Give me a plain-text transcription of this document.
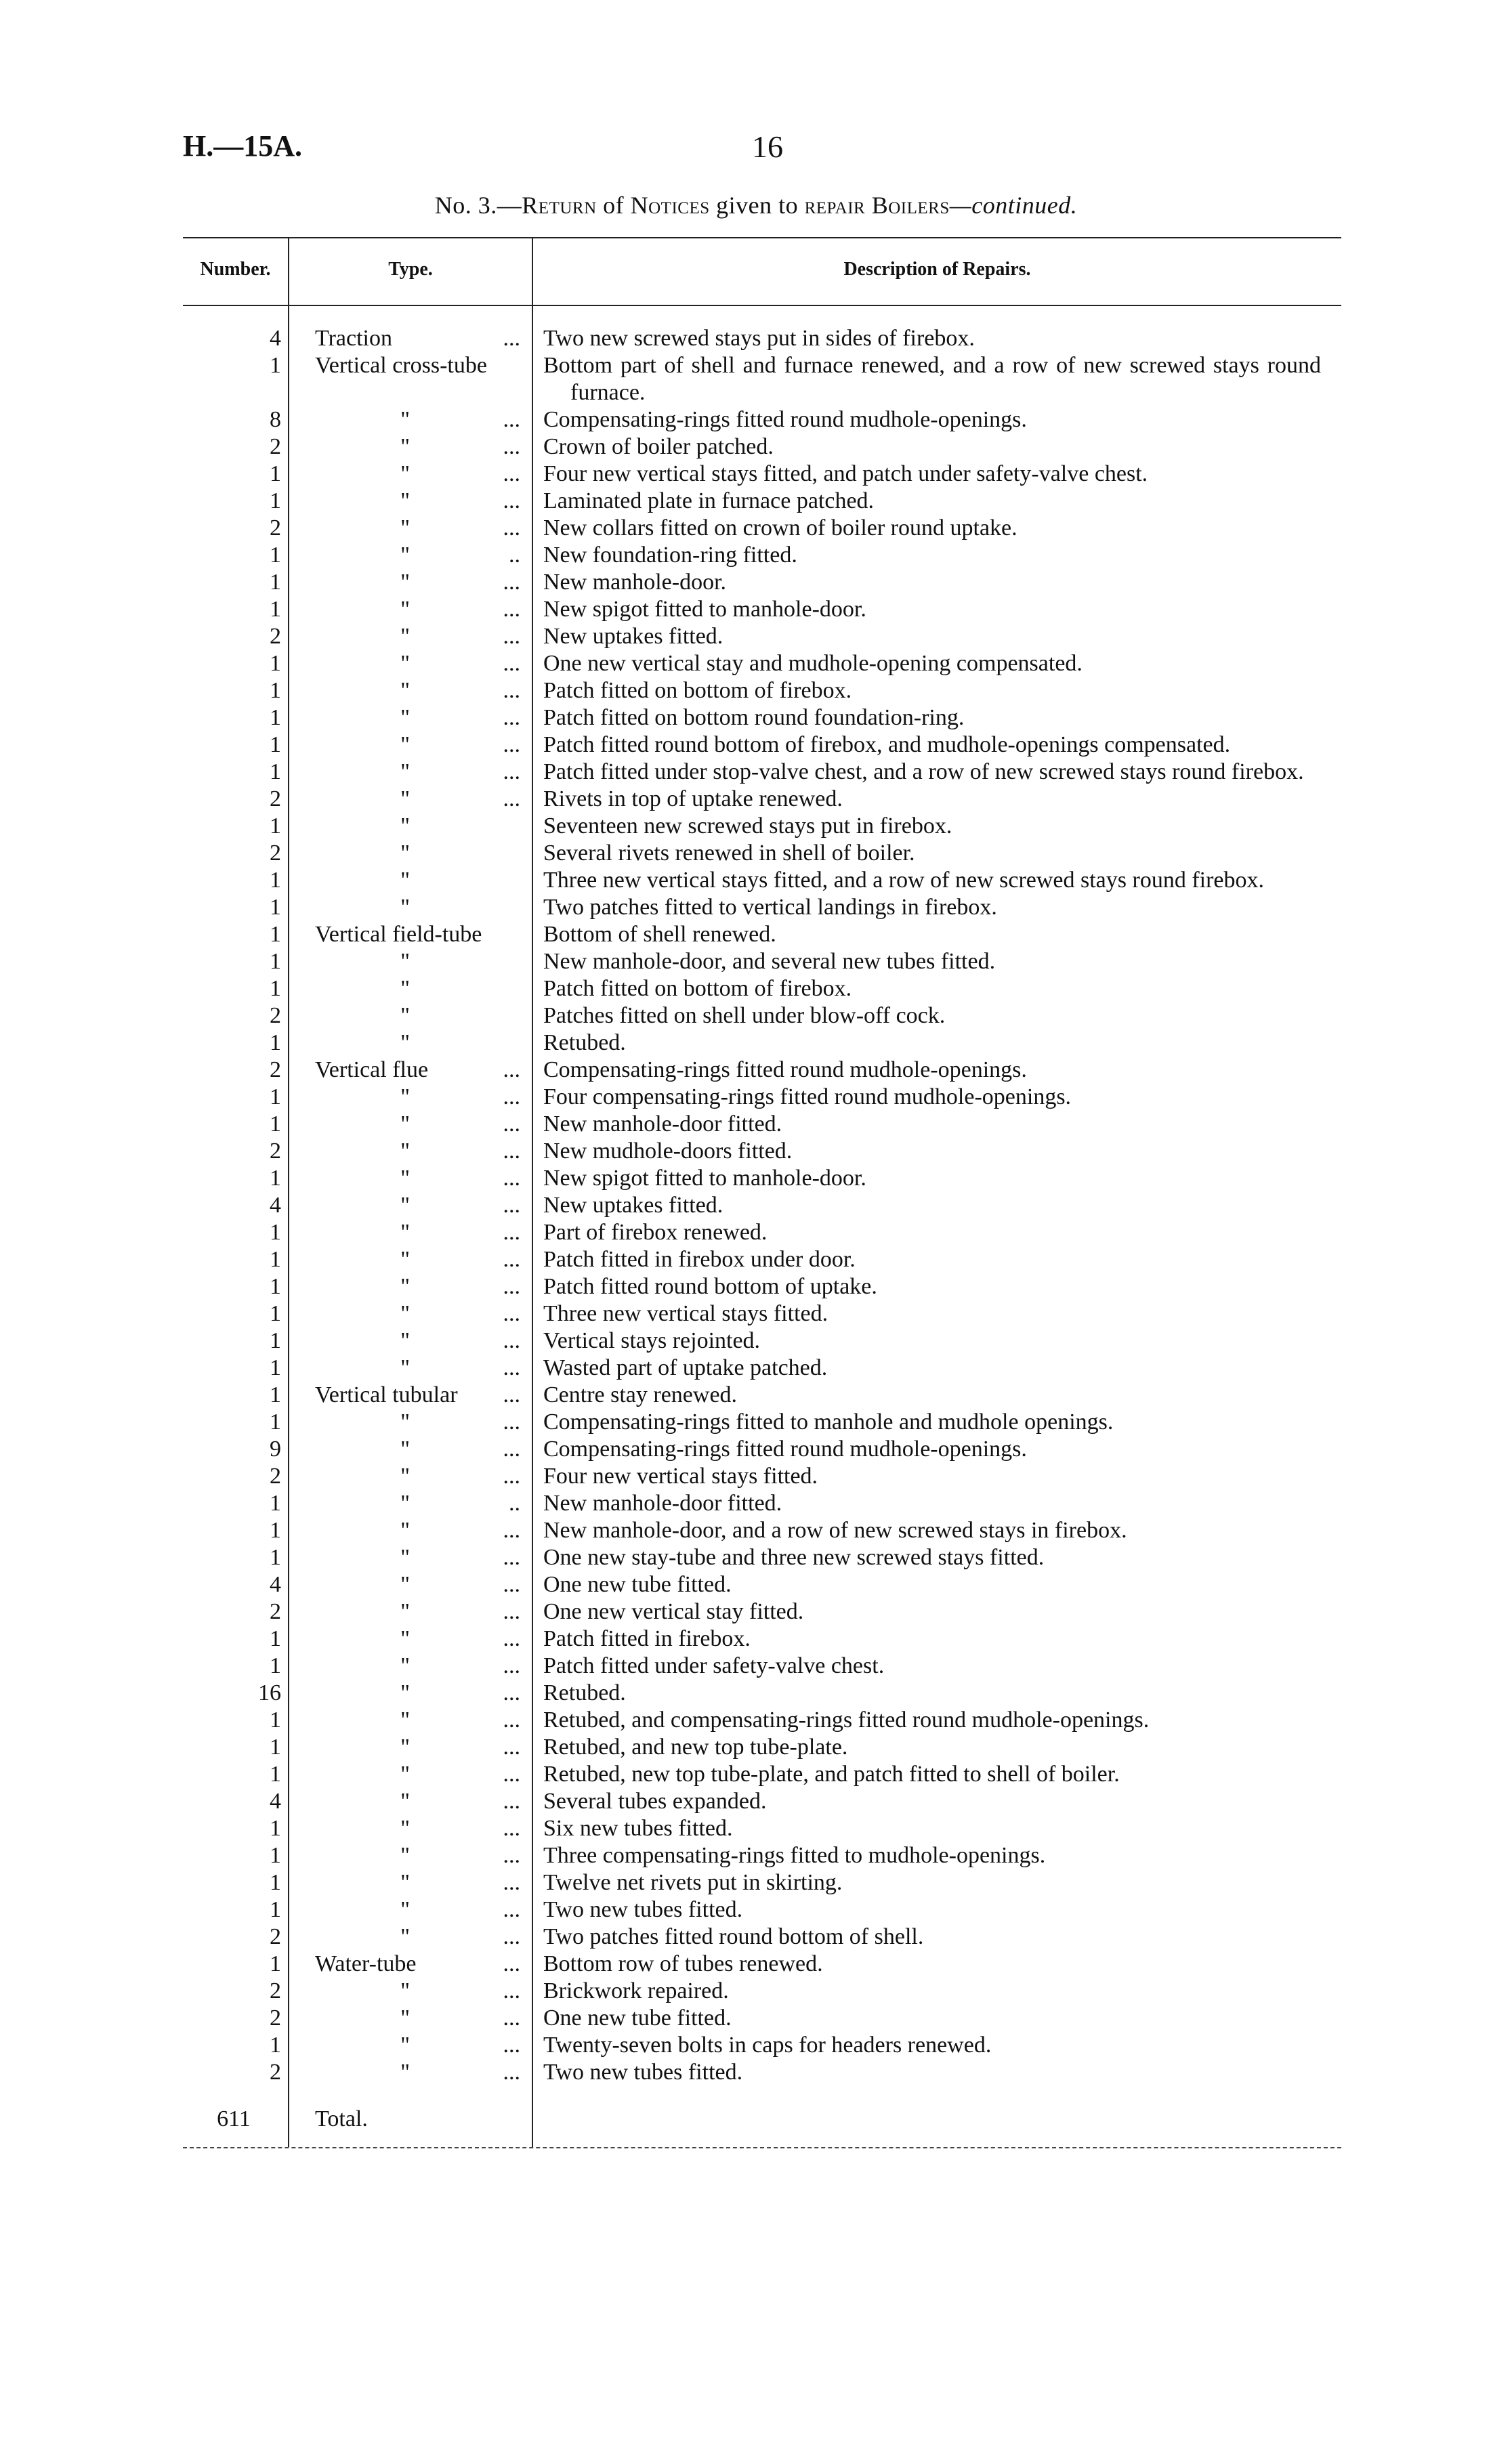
H.—15A.	16
No. 3.—Return of Notices given to repair Boilers—continued.
Number.	Type.	Description of Repairs.
4	Traction	... Two new screwed stays put in sides of firebox.
1	Vertical cross-tube	Bottom part of shell and furnace renewed, and a row of new screwed stays round furnace.
8	"	... Compensating-rings fitted round mudhole-openings.
2	"	... Crown of boiler patched.
1	"	... Four new vertical stays fitted, and patch under safety-valve chest.
1	"	... Laminated plate in furnace patched.
2	"	... New collars fitted on crown of boiler round uptake.
1	"	.. New foundation-ring fitted.
1	"	... New manhole-door.
1	"	... New spigot fitted to manhole-door.
2	"	... New uptakes fitted.
1	"	... One new vertical stay and mudhole-opening compensated.
1	"	... Patch fitted on bottom of firebox.
1	"	... Patch fitted on bottom round foundation-ring.
1	"	... Patch fitted round bottom of firebox, and mudhole-openings compensated.
1	"	... Patch fitted under stop-valve chest, and a row of new screwed stays round firebox.
2	"	... Rivets in top of uptake renewed.
1	"	Seventeen new screwed stays put in firebox.
2	"	Several rivets renewed in shell of boiler.
1	"	Three new vertical stays fitted, and a row of new screwed stays round firebox.
1	"	Two patches fitted to vertical landings in firebox.
1	Vertical field-tube	Bottom of shell renewed.
1	"	New manhole-door, and several new tubes fitted.
1	"	Patch fitted on bottom of firebox.
2	"	Patches fitted on shell under blow-off cock.
1	"	Retubed.
2	Vertical flue	... Compensating-rings fitted round mudhole-openings.
1	"	... Four compensating-rings fitted round mudhole-openings.
1	"	... New manhole-door fitted.
2	"	... New mudhole-doors fitted.
1	"	... New spigot fitted to manhole-door.
4	"	... New uptakes fitted.
1	"	... Part of firebox renewed.
1	"	... Patch fitted in firebox under door.
1	"	... Patch fitted round bottom of uptake.
1	"	... Three new vertical stays fitted.
1	"	... Vertical stays rejointed.
1	"	... Wasted part of uptake patched.
1	Vertical tubular ... Centre stay renewed.
1	"	... Compensating-rings fitted to manhole and mudhole openings.
9	"	... Compensating-rings fitted round mudhole-openings.
2	"	... Four new vertical stays fitted.
1	"	.. New manhole-door fitted.
1	"	... New manhole-door, and a row of new screwed stays in firebox.
1	"	... One new stay-tube and three new screwed stays fitted.
4	"	... One new tube fitted.
2	"	... One new vertical stay fitted.
1	"	... Patch fitted in firebox.
1	"	... Patch fitted under safety-valve chest.
16	"	... Retubed.
1	"	... Retubed, and compensating-rings fitted round mudhole-openings.
1	"	... Retubed, and new top tube-plate.
1	"	... Retubed, new top tube-plate, and patch fitted to shell of boiler.
4	"	... Several tubes expanded.
1	"	... Six new tubes fitted.
1	"	... Three compensating-rings fitted to mudhole-openings.
1	"	... Twelve net rivets put in skirting.
1	"	... Two new tubes fitted.
2	"	... Two patches fitted round bottom of shell.
1	Water-tube	... Bottom row of tubes renewed.
2	"	... Brickwork repaired.
2	"	... One new tube fitted.
1	"	... Twenty-seven bolts in caps for headers renewed.
2	"	... Two new tubes fitted.
611	Total.
